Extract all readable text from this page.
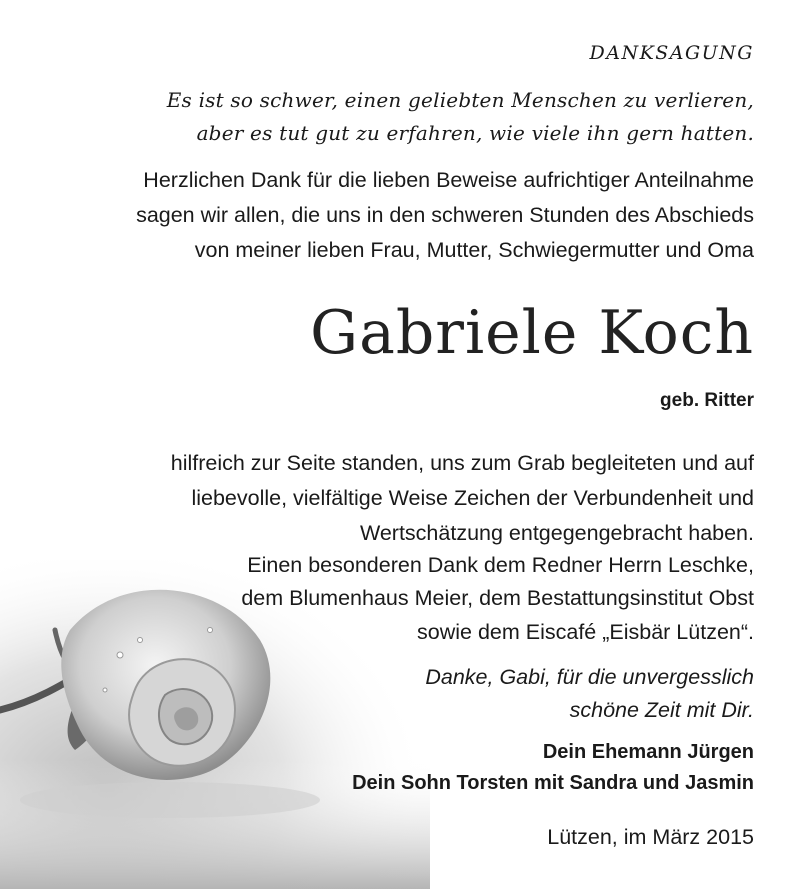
DANKSAGUNG
Es ist so schwer, einen geliebten Menschen zu verlieren,
aber es tut gut zu erfahren, wie viele ihn gern hatten.
Herzlichen Dank für die lieben Beweise aufrichtiger Anteilnahme
sagen wir allen, die uns in den schweren Stunden des Abschieds
von meiner lieben Frau, Mutter, Schwiegermutter und Oma
Gabriele Koch
geb. Ritter
hilfreich zur Seite standen, uns zum Grab begleiteten und auf
liebevolle, vielfältige Weise Zeichen der Verbundenheit und
Wertschätzung entgegengebracht haben.
Einen besonderen Dank dem Redner Herrn Leschke,
dem Blumenhaus Meier, dem Bestattungsinstitut Obst
sowie dem Eiscafé „Eisbär Lützen“.
Danke, Gabi, für die unvergesslich
schöne Zeit mit Dir.
Dein Ehemann Jürgen
Dein Sohn Torsten mit Sandra und Jasmin
Lützen, im März 2015
